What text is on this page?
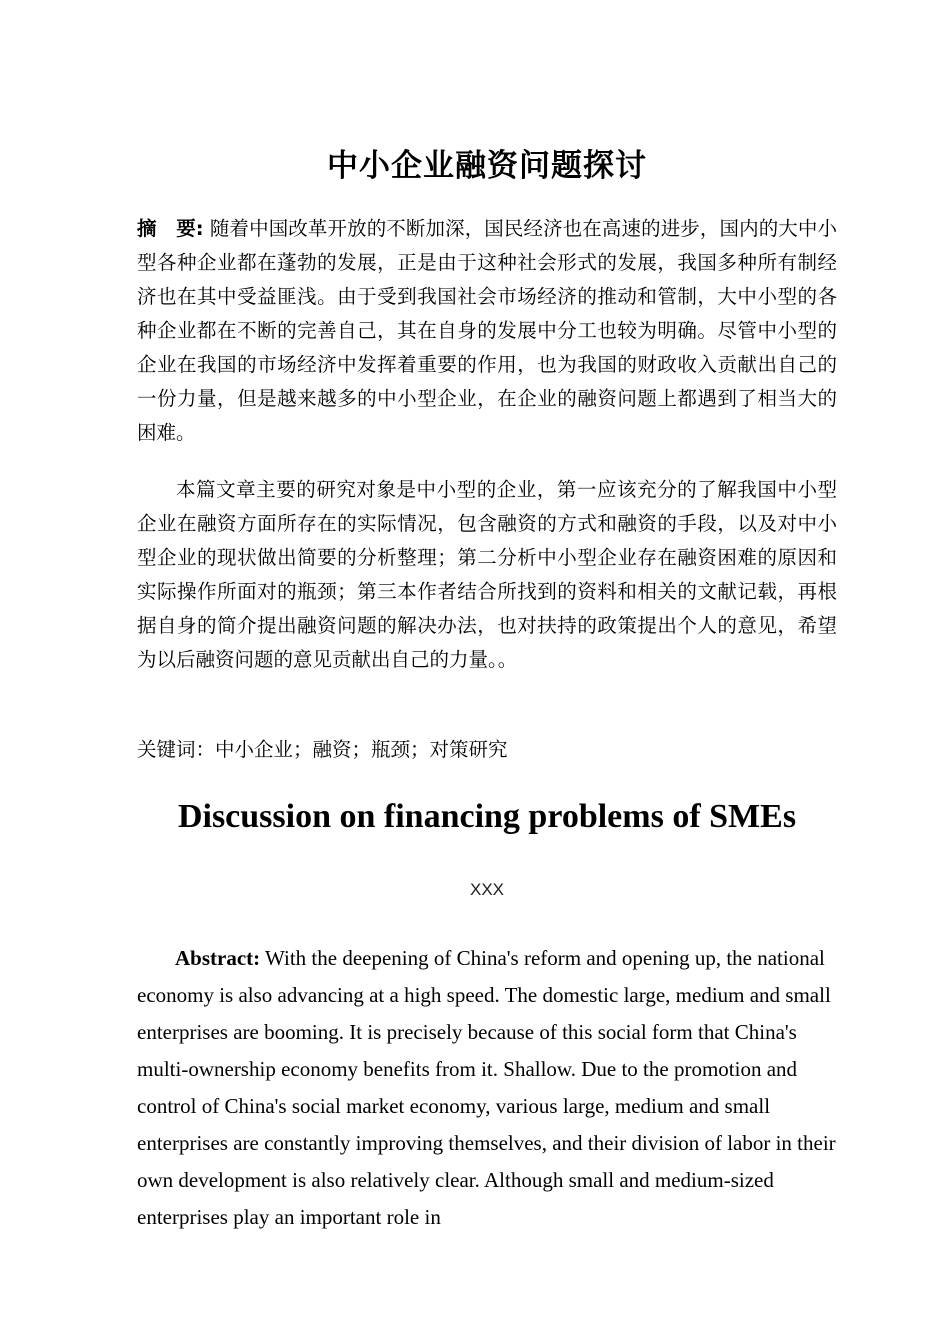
中小企业融资问题探讨

摘　要: 随着中国改革开放的不断加深，国民经济也在高速的进步，国内的大中小型各种企业都在蓬勃的发展，正是由于这种社会形式的发展，我国多种所有制经济也在其中受益匪浅。由于受到我国社会市场经济的推动和管制，大中小型的各种企业都在不断的完善自己，其在自身的发展中分工也较为明确。尽管中小型的企业在我国的市场经济中发挥着重要的作用，也为我国的财政收入贡献出自己的一份力量，但是越来越多的中小型企业，在企业的融资问题上都遇到了相当大的困难。

本篇文章主要的研究对象是中小型的企业，第一应该充分的了解我国中小型企业在融资方面所存在的实际情况，包含融资的方式和融资的手段，以及对中小型企业的现状做出简要的分析整理；第二分析中小型企业存在融资困难的原因和实际操作所面对的瓶颈；第三本作者结合所找到的资料和相关的文献记载，再根据自身的简介提出融资问题的解决办法，也对扶持的政策提出个人的意见，希望为以后融资问题的意见贡献出自己的力量。。

关键词：中小企业；融资；瓶颈；对策研究

Discussion on financing problems of SMEs
XXX

Abstract: With the deepening of China's reform and opening up, the national economy is also advancing at a high speed. The domestic large, medium and small enterprises are booming. It is precisely because of this social form that China's multi-ownership economy benefits from it. Shallow. Due to the promotion and control of China's social market economy, various large, medium and small enterprises are constantly improving themselves, and their division of labor in their own development is also relatively clear. Although small and medium-sized enterprises play an important role in
